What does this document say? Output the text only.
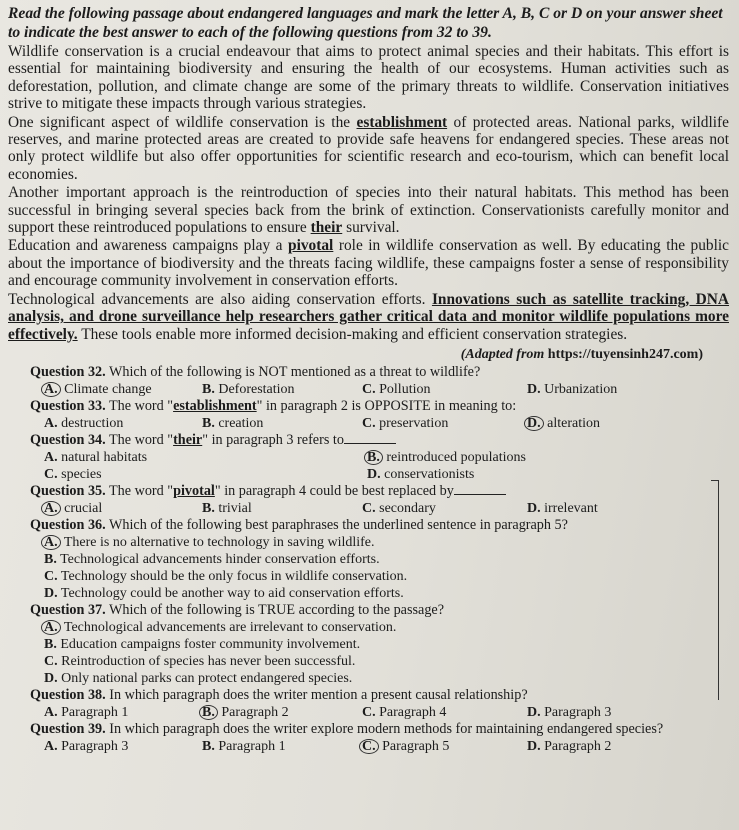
Read the following passage about endangered languages and mark the letter A, B, C or D on your answer sheet to indicate the best answer to each of the following questions from 32 to 39.

Wildlife conservation is a crucial endeavour that aims to protect animal species and their habitats. This effort is essential for maintaining biodiversity and ensuring the health of our ecosystems. Human activities such as deforestation, pollution, and climate change are some of the primary threats to wildlife. Conservation initiatives strive to mitigate these impacts through various strategies.

One significant aspect of wildlife conservation is the establishment of protected areas. National parks, wildlife reserves, and marine protected areas are created to provide safe heavens for endangered species. These areas not only protect wildlife but also offer opportunities for scientific research and eco-tourism, which can benefit local economies.

Another important approach is the reintroduction of species into their natural habitats. This method has been successful in bringing several species back from the brink of extinction. Conservationists carefully monitor and support these reintroduced populations to ensure their survival.

Education and awareness campaigns play a pivotal role in wildlife conservation as well. By educating the public about the importance of biodiversity and the threats facing wildlife, these campaigns foster a sense of responsibility and encourage community involvement in conservation efforts.

Technological advancements are also aiding conservation efforts. Innovations such as satellite tracking, DNA analysis, and drone surveillance help researchers gather critical data and monitor wildlife populations more effectively. These tools enable more informed decision-making and efficient conservation strategies.

(Adapted from https://tuyensinh247.com)

Question 32. Which of the following is NOT mentioned as a threat to wildlife?

A. Climate change	B. Deforestation	C. Pollution	D. Urbanization

Question 33. The word "establishment" in paragraph 2 is OPPOSITE in meaning to:

A. destruction	B. creation	C. preservation	D. alteration

Question 34. The word "their" in paragraph 3 refers to

A. natural habitats	B. reintroduced populations
C. species	D. conservationists

Question 35. The word "pivotal" in paragraph 4 could be best replaced by

A. crucial	B. trivial	C. secondary	D. irrelevant

Question 36. Which of the following best paraphrases the underlined sentence in paragraph 5?

A. There is no alternative to technology in saving wildlife.
B. Technological advancements hinder conservation efforts.
C. Technology should be the only focus in wildlife conservation.
D. Technology could be another way to aid conservation efforts.

Question 37. Which of the following is TRUE according to the passage?

A. Technological advancements are irrelevant to conservation.
B. Education campaigns foster community involvement.
C. Reintroduction of species has never been successful.
D. Only national parks can protect endangered species.

Question 38. In which paragraph does the writer mention a present causal relationship?

A. Paragraph 1	B. Paragraph 2	C. Paragraph 4	D. Paragraph 3

Question 39. In which paragraph does the writer explore modern methods for maintaining endangered species?

A. Paragraph 3	B. Paragraph 1	C. Paragraph 5	D. Paragraph 2
